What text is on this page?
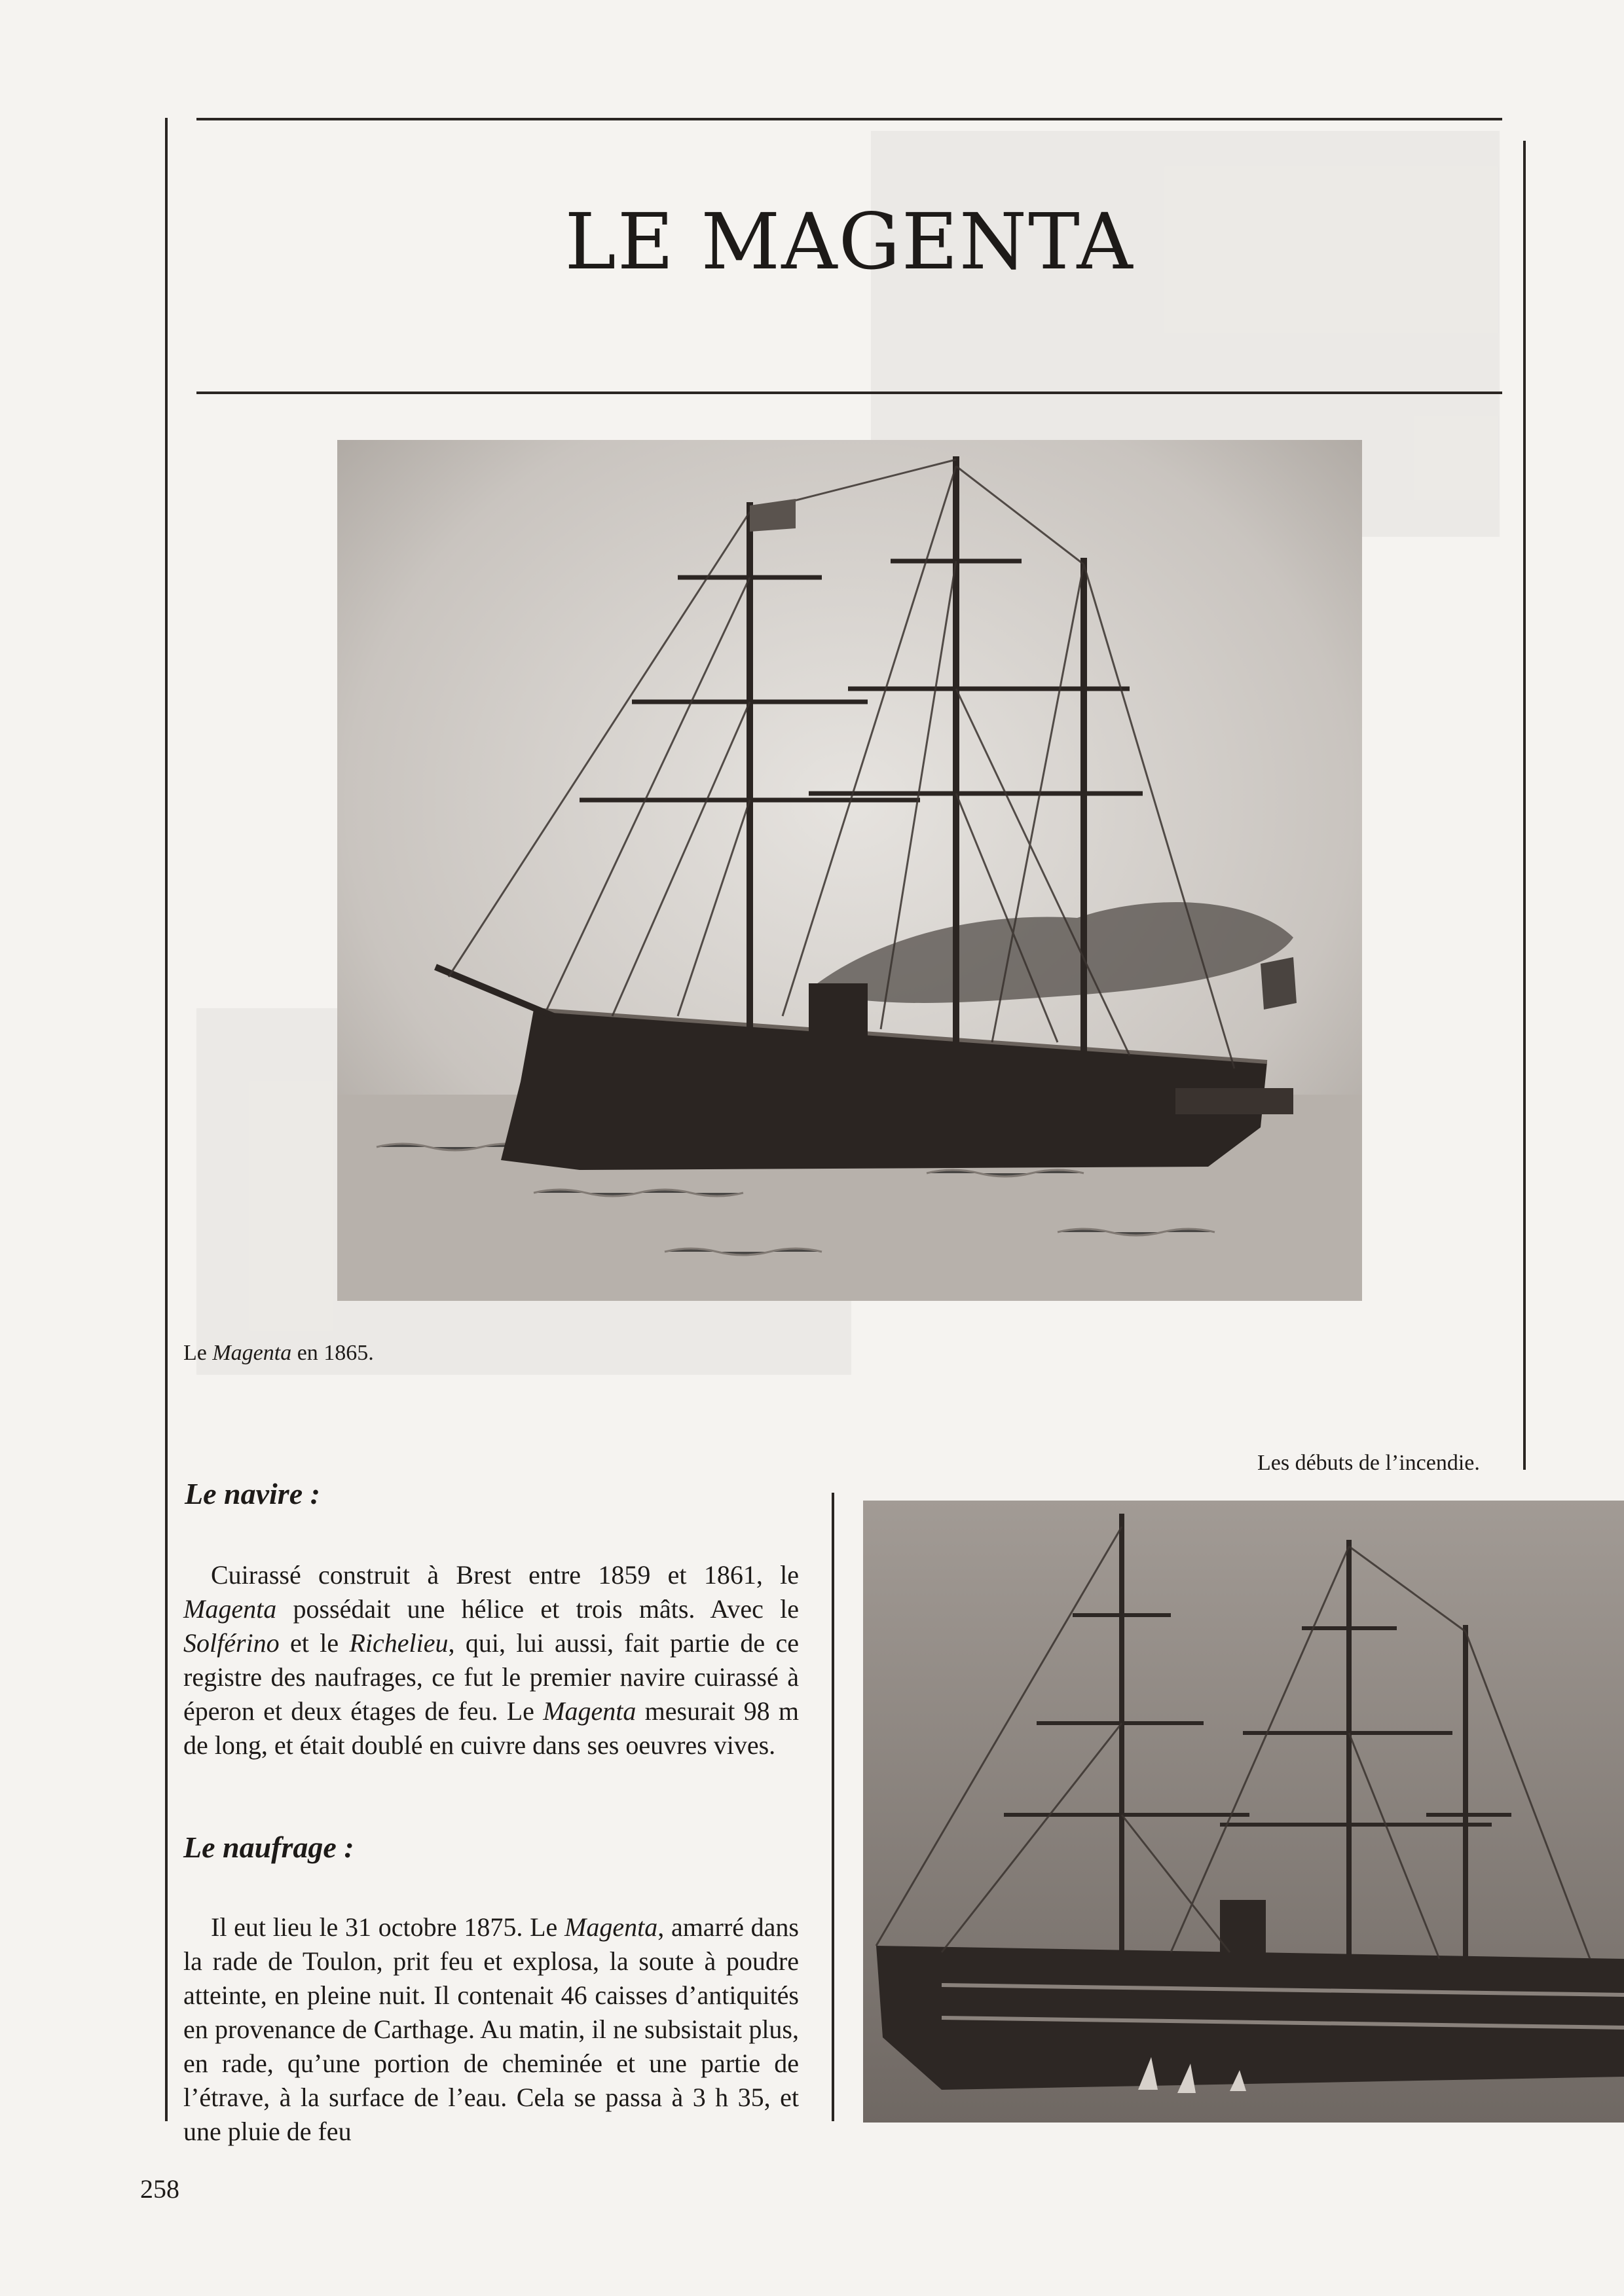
LE MAGENTA
Le Magenta en 1865.
Les débuts de l’incendie.
Le navire :

Cuirassé construit à Brest entre 1859 et 1861, le Magenta possédait une hélice et trois mâts. Avec le Solférino et le Richelieu, qui, lui aussi, fait partie de ce registre des naufrages, ce fut le premier navire cuirassé à éperon et deux étages de feu. Le Magenta mesurait 98 m de long, et était doublé en cuivre dans ses oeuvres vives.

Le naufrage :

Il eut lieu le 31 octobre 1875. Le Magenta, amarré dans la rade de Toulon, prit feu et explosa, la soute à poudre atteinte, en pleine nuit. Il contenait 46 caisses d’antiquités en provenance de Carthage. Au matin, il ne subsistait plus, en rade, qu’une portion de cheminée et une partie de l’étrave, à la surface de l’eau. Cela se passa à 3 h 35, et une pluie de feu

258
